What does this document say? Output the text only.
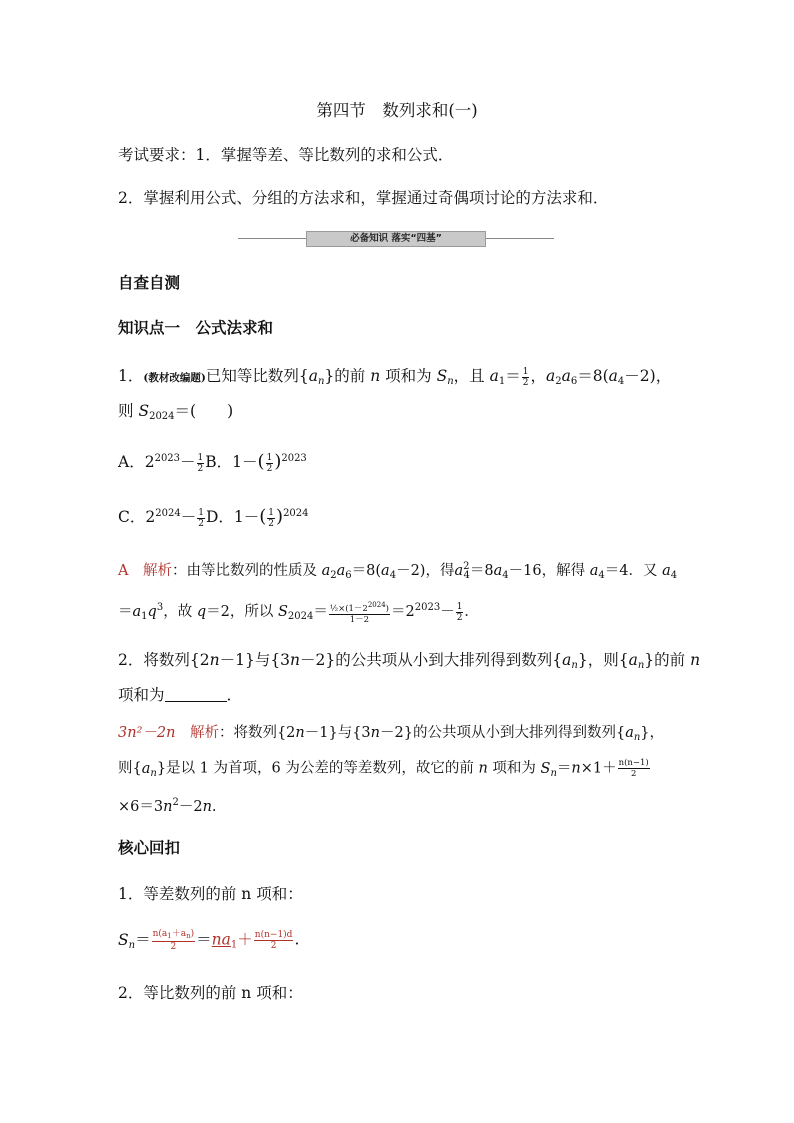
第四节　数列求和(一)
考试要求：1．掌握等差、等比数列的求和公式．
2．掌握利用公式、分组的方法求和，掌握通过奇偶项讨论的方法求和．
必备知识 落实“四基”
自查自测
知识点一　公式法求和
1．(教材改编题)已知等比数列$\{a_n\}$的前 n 项和为 $S_n$，且 $a_1= \frac{1}{2}$ ，$a_2a_6=8(a_4-2)$，
则 $S_{2024}=$(　　)
A．$2^{2023}- \frac{1}{2}$ B．$1-( \frac{1}{2} )^{2023}$
C．$2^{2024}- \frac{1}{2}$ D．$1-( \frac{1}{2} )^{2024}$
A　 解析：由等比数列的性质及 $a_2a_6=8(a_4-2)$，得$a^2_4=8a_4-16$，解得 $a_4=4$．又 $a_4$
$=a_1q^3$，故 q＝2，所以 $S_{2024}= \frac{\frac{1}{2}\times(1-2^{2024})}{1-2} =2^{2023}- \frac{1}{2}$ ．
2．将数列{2n－1}与{3n－2}的公共项从小到大排列得到数列$\{a_n\}$，则$\{a_n\}$的前 n
项和为	．
3n²－2n　 解析：将数列{2n－1}与{3n－2}的公共项从小到大排列得到数列$\{a_n\}$，
则$\{a_n\}$是以 1 为首项，6 为公差的等差数列，故它的前 n 项和为 $S_n=n\times 1+ \frac{n(n-1)}{2}$
$\times 6=3n^2-2n$.
核心回扣
1．等差数列的前 n 项和：
$S_n= \frac{n(a_1+a_n)}{2} =na_1+ \frac{n(n-1)d}{2}$ .
2．等比数列的前 n 项和：
